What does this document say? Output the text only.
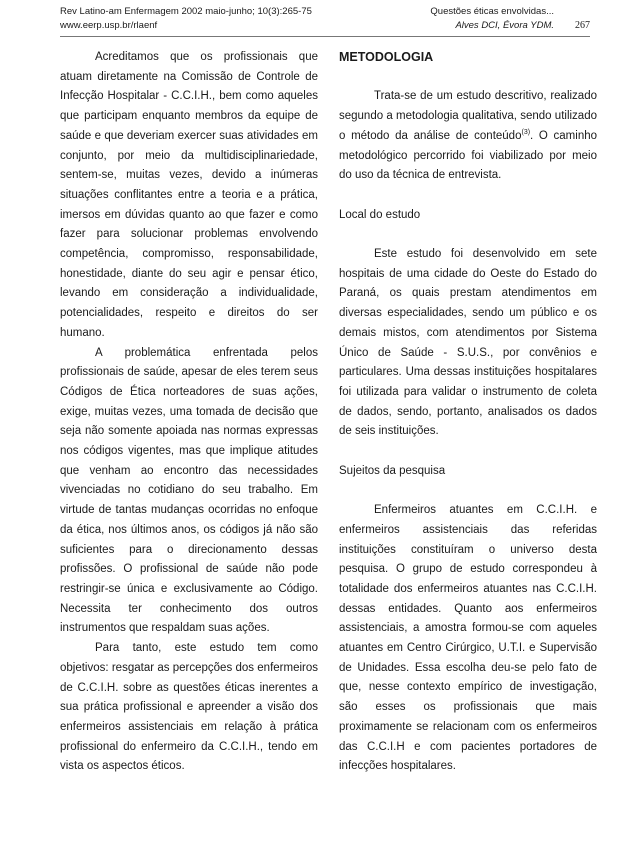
Rev Latino-am Enfermagem 2002 maio-junho; 10(3):265-75
www.eerp.usp.br/rlaenf
Questões éticas envolvidas...
Alves DCI, Évora YDM. 267

Acreditamos que os profissionais que atuam diretamente na Comissão de Controle de Infecção Hospitalar - C.C.I.H., bem como aqueles que participam enquanto membros da equipe de saúde e que deveriam exercer suas atividades em conjunto, por meio da multidisciplinariedade, sentem-se, muitas vezes, devido a inúmeras situações conflitantes entre a teoria e a prática, imersos em dúvidas quanto ao que fazer e como fazer para solucionar problemas envolvendo competência, compromisso, responsabilidade, honestidade, diante do seu agir e pensar ético, levando em consideração a individualidade, potencialidades, respeito e direitos do ser humano.

A problemática enfrentada pelos profissionais de saúde, apesar de eles terem seus Códigos de Ética norteadores de suas ações, exige, muitas vezes, uma tomada de decisão que seja não somente apoiada nas normas expressas nos códigos vigentes, mas que implique atitudes que venham ao encontro das necessidades vivenciadas no cotidiano do seu trabalho. Em virtude de tantas mudanças ocorridas no enfoque da ética, nos últimos anos, os códigos já não são suficientes para o direcionamento dessas profissões. O profissional de saúde não pode restringir-se única e exclusivamente ao Código. Necessita ter conhecimento dos outros instrumentos que respaldam suas ações.

Para tanto, este estudo tem como objetivos: resgatar as percepções dos enfermeiros de C.C.I.H. sobre as questões éticas inerentes a sua prática profissional e apreender a visão dos enfermeiros assistenciais em relação à prática profissional do enfermeiro da C.C.I.H., tendo em vista os aspectos éticos.

METODOLOGIA

Trata-se de um estudo descritivo, realizado segundo a metodologia qualitativa, sendo utilizado o método da análise de conteúdo$^{(3)}$. O caminho metodológico percorrido foi viabilizado por meio do uso da técnica de entrevista.

Local do estudo

Este estudo foi desenvolvido em sete hospitais de uma cidade do Oeste do Estado do Paraná, os quais prestam atendimentos em diversas especialidades, sendo um público e os demais mistos, com atendimentos por Sistema Único de Saúde - S.U.S., por convênios e particulares. Uma dessas instituições hospitalares foi utilizada para validar o instrumento de coleta de dados, sendo, portanto, analisados os dados de seis instituições.

Sujeitos da pesquisa

Enfermeiros atuantes em C.C.I.H. e enfermeiros assistenciais das referidas instituições constituíram o universo desta pesquisa. O grupo de estudo correspondeu à totalidade dos enfermeiros atuantes nas C.C.I.H. dessas entidades. Quanto aos enfermeiros assistenciais, a amostra formou-se com aqueles atuantes em Centro Cirúrgico, U.T.I. e Supervisão de Unidades. Essa escolha deu-se pelo fato de que, nesse contexto empírico de investigação, são esses os profissionais que mais proximamente se relacionam com os enfermeiros das C.C.I.H e com pacientes portadores de infecções hospitalares.
